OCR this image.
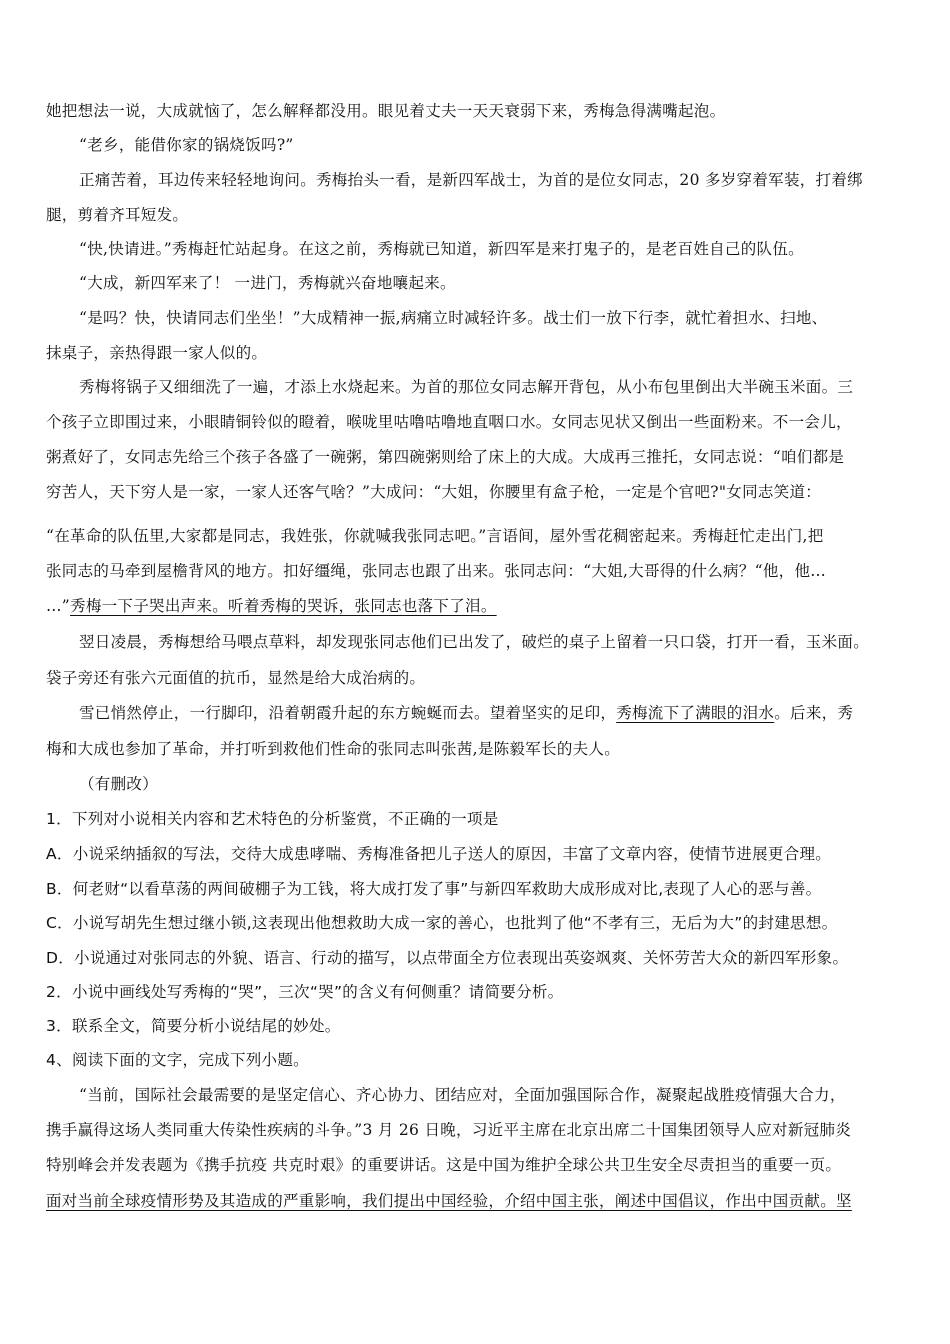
她把想法一说，大成就恼了，怎么解释都没用。眼见着丈夫一天天衰弱下来，秀梅急得满嘴起泡。
“老乡，能借你家的锅烧饭吗?”
正痛苦着，耳边传来轻轻地询问。秀梅抬头一看，是新四军战士，为首的是位女同志，20 多岁穿着军装，打着绑
腿，剪着齐耳短发。
“快,快请进。”秀梅赶忙站起身。在这之前，秀梅就已知道，新四军是来打鬼子的，是老百姓自己的队伍。
“大成，新四军来了！ 一进门，秀梅就兴奋地嚷起来。
“是吗？快，快请同志们坐坐！”大成精神一振,病痛立时减轻许多。战士们一放下行李，就忙着担水、扫地、
抹桌子，亲热得跟一家人似的。
秀梅将锅子又细细洗了一遍，才添上水烧起来。为首的那位女同志解开背包，从小布包里倒出大半碗玉米面。三
个孩子立即围过来，小眼睛铜铃似的瞪着，喉咙里咕噜咕噜地直咽口水。女同志见状又倒出一些面粉来。不一会儿，
粥煮好了，女同志先给三个孩子各盛了一碗粥，第四碗粥则给了床上的大成。大成再三推托，女同志说：“咱们都是
穷苦人，天下穷人是一家，一家人还客气啥？”大成问：“大姐，你腰里有盒子枪，一定是个官吧?"女同志笑道：
“在革命的队伍里,大家都是同志，我姓张，你就喊我张同志吧。”言语间，屋外雪花稠密起来。秀梅赶忙走出门,把
张同志的马牵到屋檐背风的地方。扣好缰绳，张同志也跟了出来。张同志问：“大姐,大哥得的什么病？“他，他…
…”秀梅一下子哭出声来。听着秀梅的哭诉，张同志也落下了泪。
翌日凌晨，秀梅想给马喂点草料，却发现张同志他们已出发了，破烂的桌子上留着一只口袋，打开一看，玉米面。
袋子旁还有张六元面值的抗币，显然是给大成治病的。
雪已悄然停止，一行脚印，沿着朝霞升起的东方蜿蜒而去。望着坚实的足印，秀梅流下了满眼的泪水。后来，秀
梅和大成也参加了革命，并打听到救他们性命的张同志叫张茜,是陈毅军长的夫人。
（有删改）
1．下列对小说相关内容和艺术特色的分析鉴赏，不正确的一项是
A．小说采纳插叙的写法，交待大成患哮喘、秀梅准备把儿子送人的原因，丰富了文章内容，使情节进展更合理。
B．何老财“以看草荡的两间破棚子为工钱，将大成打发了事”与新四军救助大成形成对比,表现了人心的恶与善。
C．小说写胡先生想过继小锁,这表现出他想救助大成一家的善心，也批判了他“不孝有三，无后为大”的封建思想。
D．小说通过对张同志的外貌、语言、行动的描写，以点带面全方位表现出英姿飒爽、关怀劳苦大众的新四军形象。
2．小说中画线处写秀梅的“哭”，三次“哭”的含义有何侧重？请简要分析。
3．联系全文，简要分析小说结尾的妙处。
4、阅读下面的文字，完成下列小题。
“当前，国际社会最需要的是坚定信心、齐心协力、团结应对，全面加强国际合作，凝聚起战胜疫情强大合力，
携手赢得这场人类同重大传染性疾病的斗争。”3 月 26 日晚，习近平主席在北京出席二十国集团领导人应对新冠肺炎
特别峰会并发表题为《携手抗疫 共克时艰》的重要讲话。这是中国为维护全球公共卫生安全尽责担当的重要一页。
面对当前全球疫情形势及其造成的严重影响，我们提出中国经验，介绍中国主张，阐述中国倡议，作出中国贡献。坚
